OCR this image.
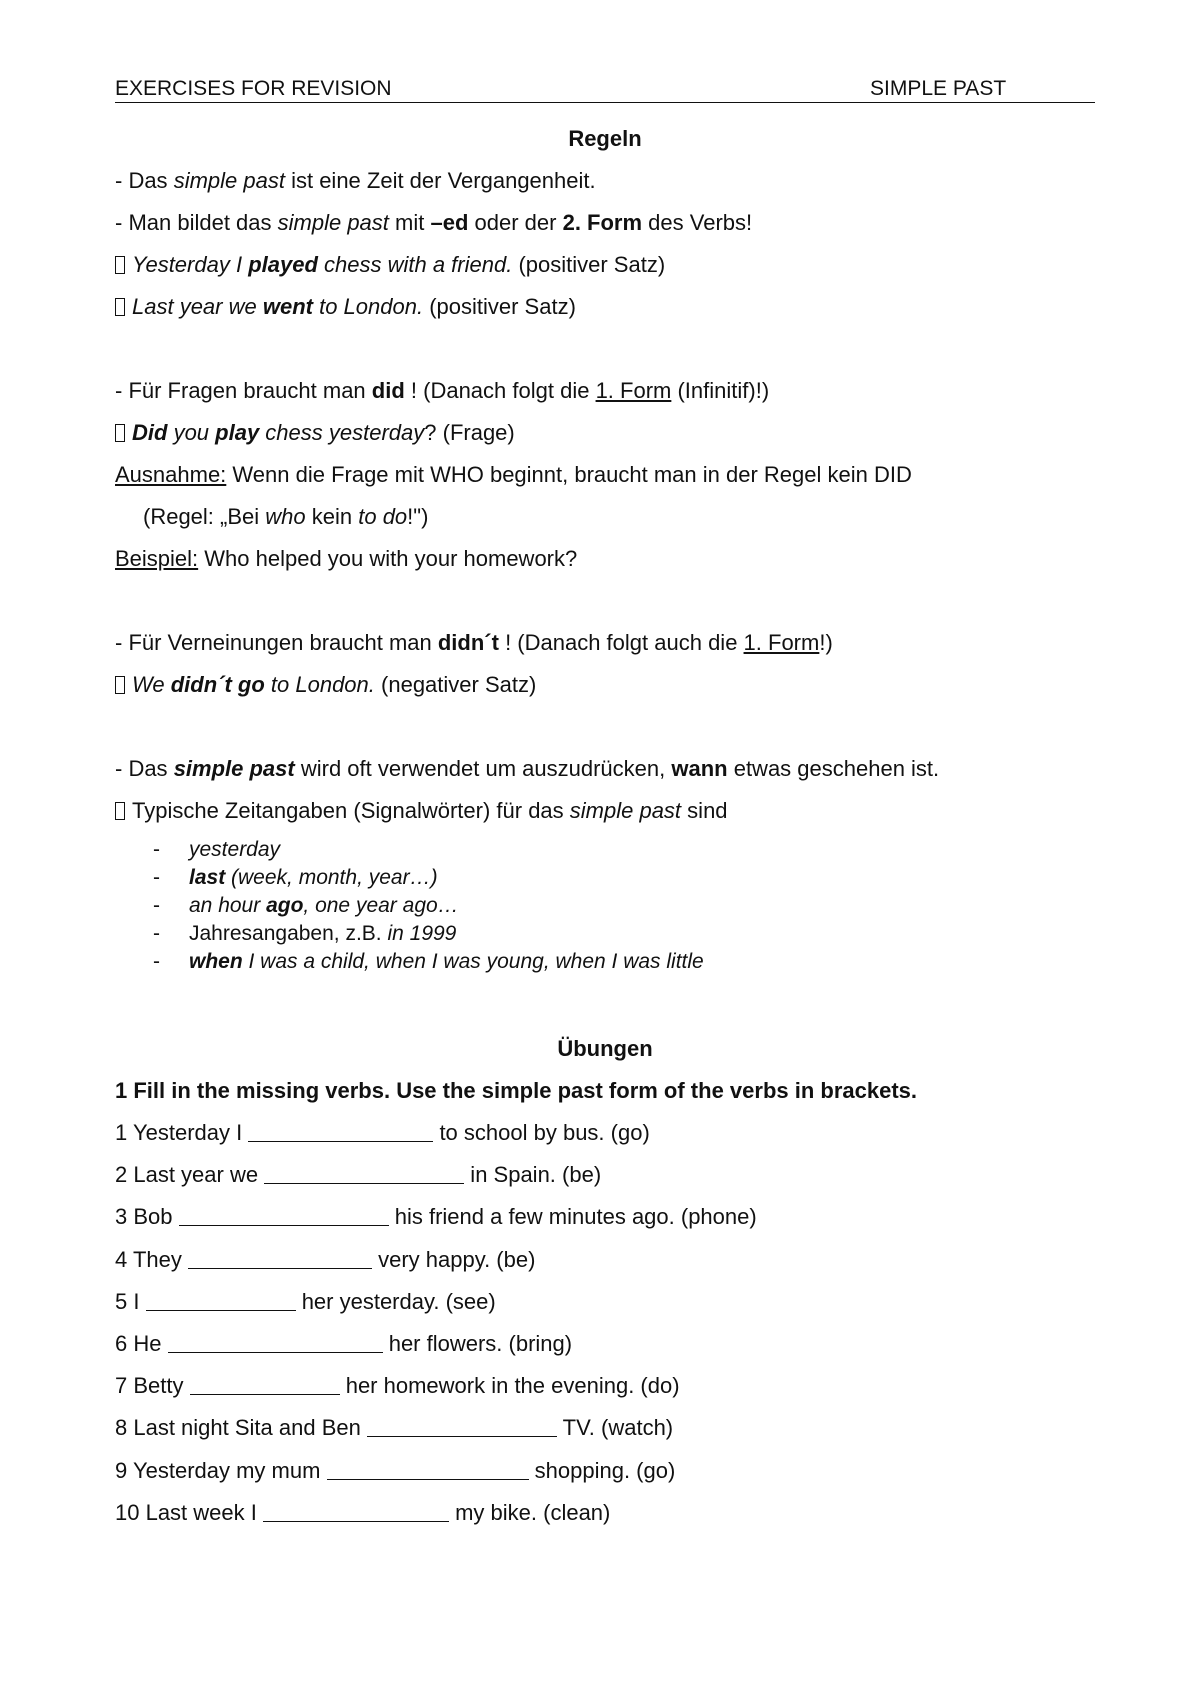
EXERCISES FOR REVISION	SIMPLE PAST
Regeln
- Das simple past ist eine Zeit der Vergangenheit.
- Man bildet das simple past mit –ed oder der 2. Form des Verbs!
Yesterday I played chess with a friend. (positiver Satz)
Last year we went to London. (positiver Satz)
- Für Fragen braucht man did ! (Danach folgt die 1. Form (Infinitif)!)
Did you play chess yesterday? (Frage)
Ausnahme: Wenn die Frage mit WHO beginnt, braucht man in der Regel kein DID
(Regel: „Bei who kein to do!")
Beispiel: Who helped you with your homework?
- Für Verneinungen braucht man didn´t ! (Danach folgt auch die 1. Form!)
We didn´t go to London. (negativer Satz)
- Das simple past wird oft verwendet um auszudrücken, wann etwas geschehen ist.
Typische Zeitangaben (Signalwörter) für das simple past sind
- yesterday
- last (week, month, year…)
- an hour ago, one year ago…
- Jahresangaben, z.B. in 1999
- when I was a child, when I was young, when I was little
Übungen
1 Fill in the missing verbs. Use the simple past form of the verbs in brackets.
1 Yesterday I	to school by bus. (go)
2 Last year we	in Spain. (be)
3 Bob	his friend a few minutes ago. (phone)
4 They	very happy. (be)
5 I	her yesterday. (see)
6 He	her flowers. (bring)
7 Betty	her homework in the evening. (do)
8 Last night Sita and Ben	TV. (watch)
9 Yesterday my mum	shopping. (go)
10 Last week I	my bike. (clean)
